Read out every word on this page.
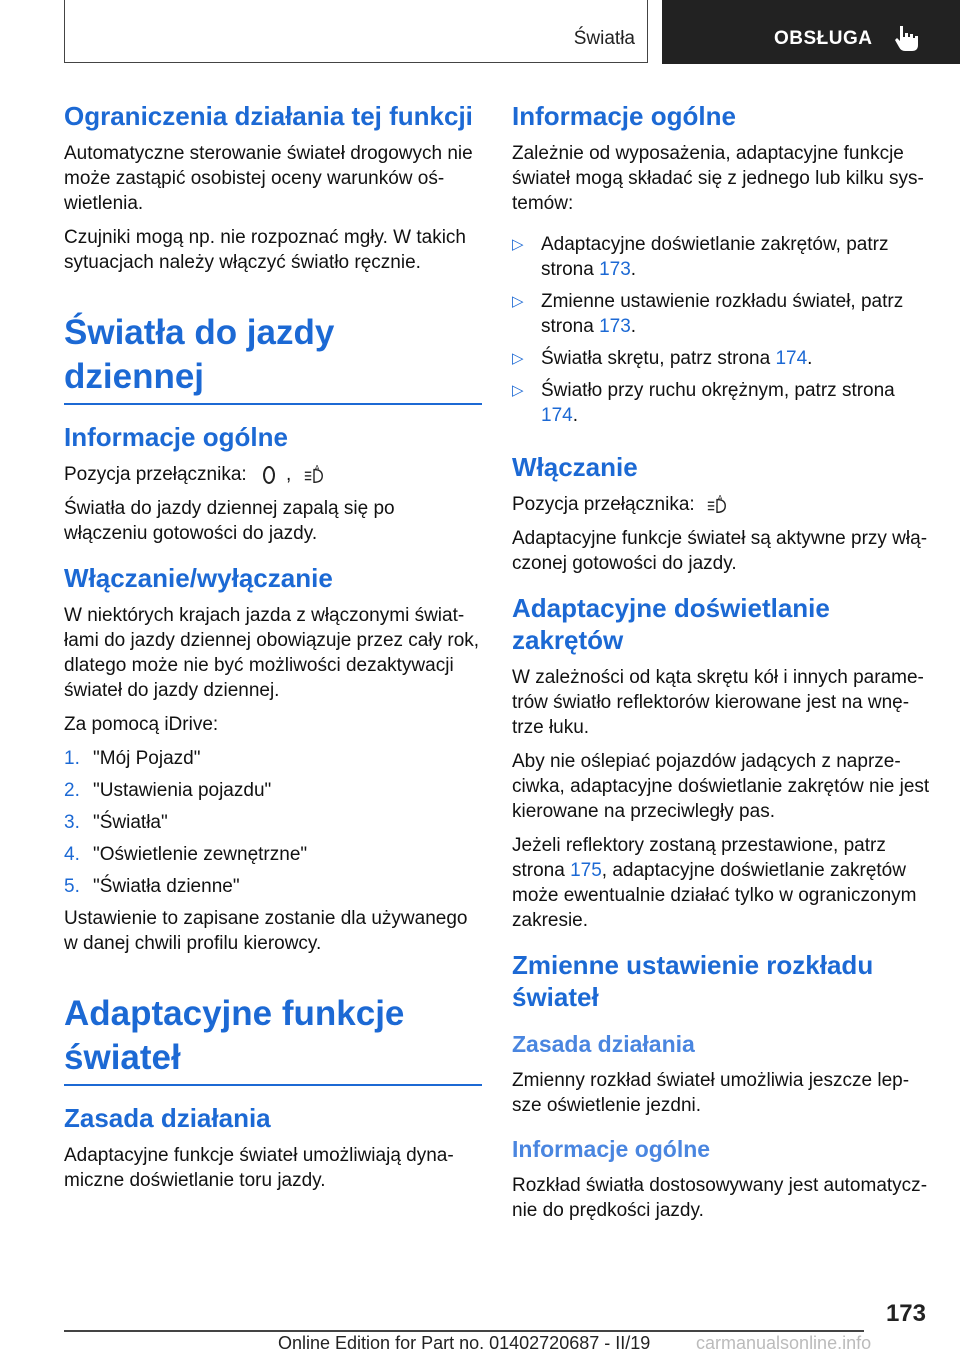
Światła	OBSŁUGA
Ograniczenia działania tej funkcji

Automatyczne sterowanie świateł drogowych nie może zastąpić osobistej oceny warunków oświetlenia.

Czujniki mogą np. nie rozpoznać mgły. W takich sytuacjach należy włączyć światło ręcznie.

Światła do jazdy dziennej
Informacje ogólne

Pozycja przełącznika: ,	A

Światła do jazdy dziennej zapalą się po włączeniu gotowości do jazdy.

Włączanie/wyłączanie

W niektórych krajach jazda z włączonymi światłami do jazdy dziennej obowiązuje przez cały rok, dlatego może nie być możliwości dezaktywacji świateł do jazdy dziennej.

Za pomocą iDrive:

1. "Mój Pojazd"
2. "Ustawienia pojazdu"
3. "Światła"
4. "Oświetlenie zewnętrzne"
5. "Światła dzienne"

Ustawienie to zapisane zostanie dla używanego w danej chwili profilu kierowcy.

Adaptacyjne funkcje świateł
Zasada działania

Adaptacyjne funkcje świateł umożliwiają dynamiczne doświetlanie toru jazdy.

Informacje ogólne

Zależnie od wyposażenia, adaptacyjne funkcje świateł mogą składać się z jednego lub kilku systemów:

▷ Adaptacyjne doświetlanie zakrętów, patrz strona 173.
▷ Zmienne ustawienie rozkładu świateł, patrz strona 173.
▷ Światła skrętu, patrz strona 174.
▷ Światło przy ruchu okrężnym, patrz strona 174.
Włączanie

Pozycja przełącznika:	A

Adaptacyjne funkcje świateł są aktywne przy włączonej gotowości do jazdy.

Adaptacyjne doświetlanie zakrętów

W zależności od kąta skrętu kół i innych parametrów światło reflektorów kierowane jest na wnętrze łuku.

Aby nie oślepiać pojazdów jadących z naprzeciwka, adaptacyjne doświetlanie zakrętów nie jest kierowane na przeciwległy pas.

Jeżeli reflektory zostaną przestawione, patrz strona 175, adaptacyjne doświetlanie zakrętów może ewentualnie działać tylko w ograniczonym zakresie.

Zmienne ustawienie rozkładu świateł
Zasada działania

Zmienny rozkład świateł umożliwia jeszcze lepsze oświetlenie jezdni.

Informacje ogólne

Rozkład światła dostosowywany jest automatycznie do prędkości jazdy.

173
Online Edition for Part no. 01402720687 - II/19	carmanualsonline.info
